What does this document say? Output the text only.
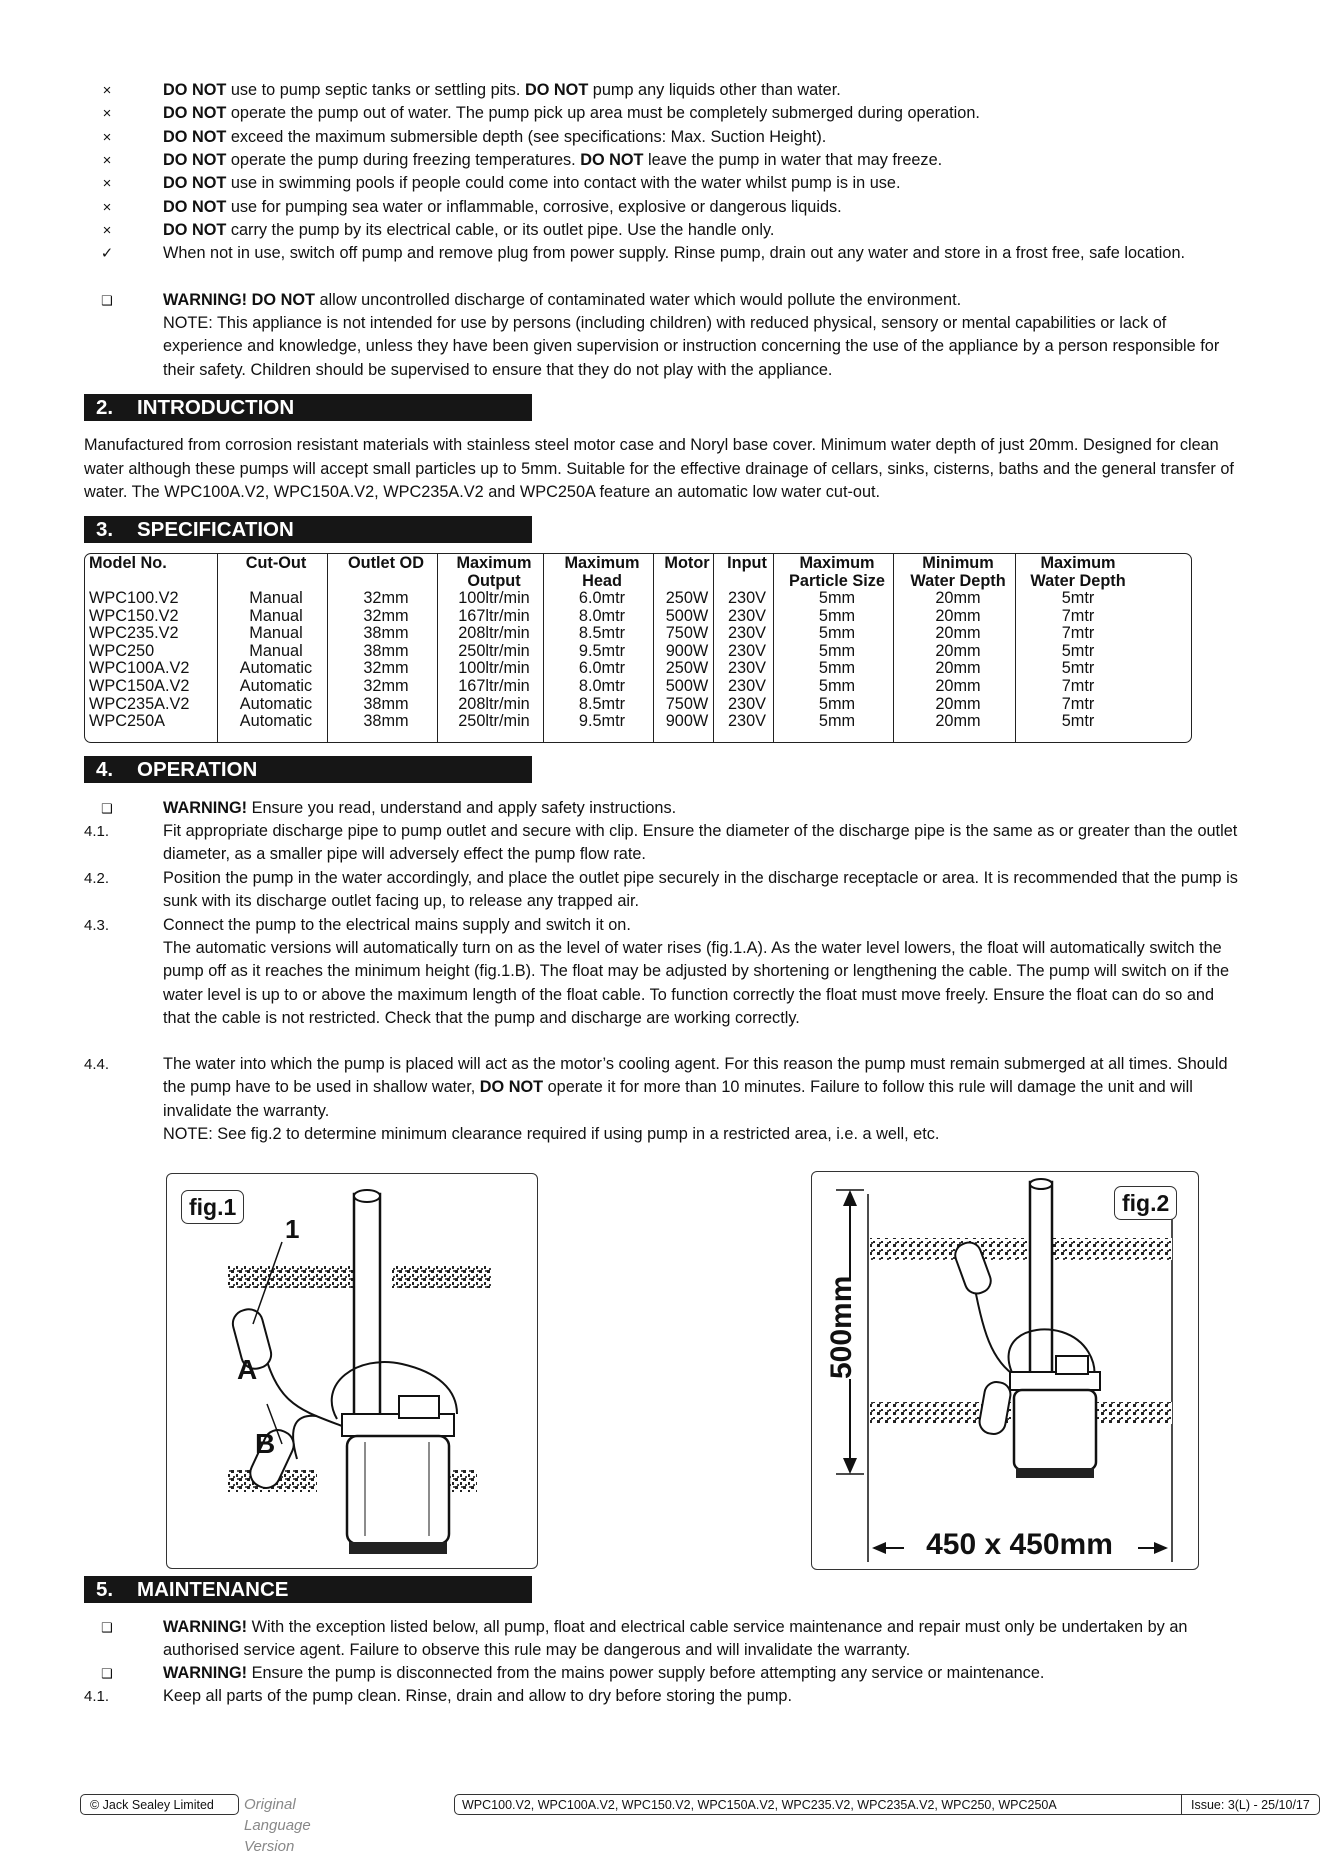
×	DO NOT use to pump septic tanks or settling pits. DO NOT pump any liquids other than water.
×	DO NOT operate the pump out of water. The pump pick up area must be completely submerged during operation.
×	DO NOT exceed the maximum submersible depth (see specifications: Max. Suction Height).
×	DO NOT operate the pump during freezing temperatures. DO NOT leave the pump in water that may freeze.
×	DO NOT use in swimming pools if people could come into contact with the water whilst pump is in use.
×	DO NOT use for pumping sea water or inflammable, corrosive, explosive or dangerous liquids.
×	DO NOT carry the pump by its electrical cable, or its outlet pipe. Use the handle only.
✓	When not in use, switch off pump and remove plug from power supply. Rinse pump, drain out any water and store in a frost free, safe location.
❑	WARNING! DO NOT allow uncontrolled discharge of contaminated water which would pollute the environment.
NOTE: This appliance is not intended for use by persons (including children) with reduced physical, sensory or mental capabilities or lack of experience and knowledge, unless they have been given supervision or instruction concerning the use of the appliance by a person responsible for their safety. Children should be supervised to ensure that they do not play with the appliance.
2. INTRODUCTION
Manufactured from corrosion resistant materials with stainless steel motor case and Noryl base cover. Minimum water depth of just 20mm. Designed for clean water although these pumps will accept small particles up to 5mm. Suitable for the effective drainage of cellars, sinks, cisterns, baths and the general transfer of water. The WPC100A.V2, WPC150A.V2, WPC235A.V2 and WPC250A feature an automatic low water cut-out.
3. SPECIFICATION
Model No.	Cut-Out	Outlet OD	Maximum	Maximum	Motor	Input	Maximum	Minimum	Maximum
			Output	Head			Particle Size	Water Depth	Water Depth
WPC100.V2	Manual	32mm	100ltr/min	6.0mtr	250W	230V	5mm	20mm	5mtr
WPC150.V2	Manual	32mm	167ltr/min	8.0mtr	500W	230V	5mm	20mm	7mtr
WPC235.V2	Manual	38mm	208ltr/min	8.5mtr	750W	230V	5mm	20mm	7mtr
WPC250	Manual	38mm	250ltr/min	9.5mtr	900W	230V	5mm	20mm	5mtr
WPC100A.V2	Automatic	32mm	100ltr/min	6.0mtr	250W	230V	5mm	20mm	5mtr
WPC150A.V2	Automatic	32mm	167ltr/min	8.0mtr	500W	230V	5mm	20mm	7mtr
WPC235A.V2	Automatic	38mm	208ltr/min	8.5mtr	750W	230V	5mm	20mm	7mtr
WPC250A	Automatic	38mm	250ltr/min	9.5mtr	900W	230V	5mm	20mm	5mtr
4. OPERATION
❑	WARNING! Ensure you read, understand and apply safety instructions.
4.1.	Fit appropriate discharge pipe to pump outlet and secure with clip. Ensure the diameter of the discharge pipe is the same as or greater than the outlet diameter, as a smaller pipe will adversely effect the pump flow rate.
4.2.	Position the pump in the water accordingly, and place the outlet pipe securely in the discharge receptacle or area. It is recommended that the pump is sunk with its discharge outlet facing up, to release any trapped air.
4.3.	Connect the pump to the electrical mains supply and switch it on.
The automatic versions will automatically turn on as the level of water rises (fig.1.A). As the water level lowers, the float will automatically switch the pump off as it reaches the minimum height (fig.1.B). The float may be adjusted by shortening or lengthening the cable. The pump will switch on if the water level is up to or above the maximum length of the float cable. To function correctly the float must move freely. Ensure the float can do so and that the cable is not restricted. Check that the pump and discharge are working correctly.
4.4.	The water into which the pump is placed will act as the motor’s cooling agent. For this reason the pump must remain submerged at all times. Should the pump have to be used in shallow water, DO NOT operate it for more than 10 minutes. Failure to follow this rule will damage the unit and will invalidate the warranty.
NOTE: See fig.2 to determine minimum clearance required if using pump in a restricted area, i.e. a well, etc.
fig.1
1
A
B
fig.2
500mm
450 x 450mm
5. MAINTENANCE
❑	WARNING! With the exception listed below, all pump, float and electrical cable service maintenance and repair must only be undertaken by an authorised service agent. Failure to observe this rule may be dangerous and will invalidate the warranty.
❑	WARNING! Ensure the pump is disconnected from the mains power supply before attempting any service or maintenance.
4.1.	Keep all parts of the pump clean. Rinse, drain and allow to dry before storing the pump.
© Jack Sealey Limited	Original Language Version
WPC100.V2, WPC100A.V2, WPC150.V2, WPC150A.V2, WPC235.V2, WPC235A.V2, WPC250, WPC250A	Issue: 3(L) - 25/10/17
